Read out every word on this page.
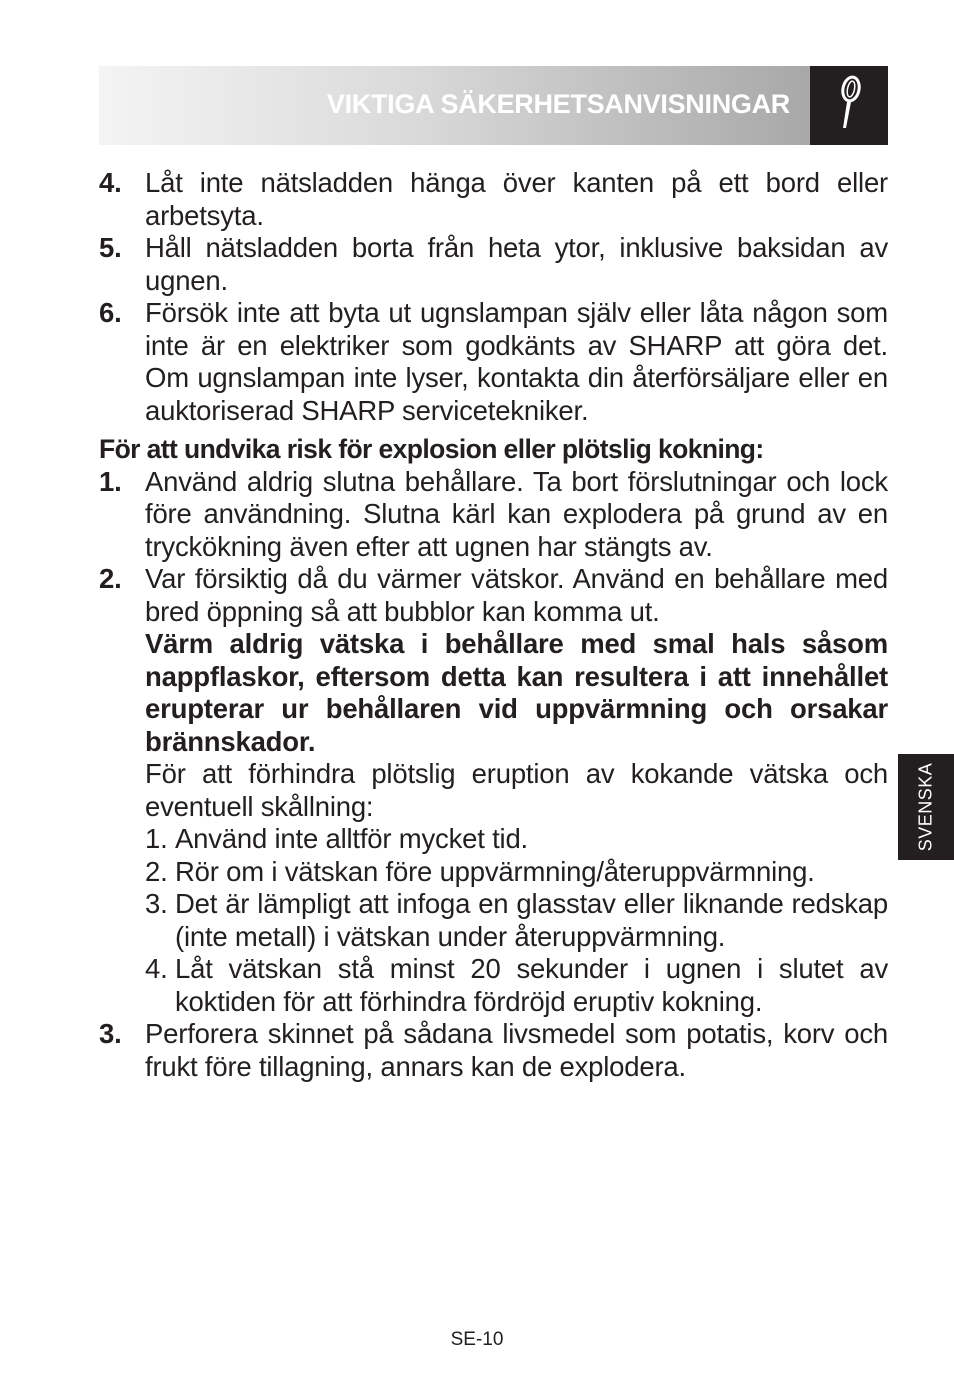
VIKTIGA SÄKERHETSANVISNINGAR
SVENSKA
4. Låt inte nätsladden hänga över kanten på ett bord eller arbetsyta.
5. Håll nätsladden borta från heta ytor, inklusive baksidan av ugnen.
6. Försök inte att byta ut ugnslampan själv eller låta någon som inte är en elektriker som godkänts av SHARP att göra det. Om ugnslampan inte lyser, kontakta din återförsäljare eller en auktoriserad SHARP servicetekniker.
För att undvika risk för explosion eller plötslig kokning:
1. Använd aldrig slutna behållare. Ta bort förslutningar och lock före användning. Slutna kärl kan explodera på grund av en tryckökning även efter att ugnen har stängts av.
2. Var försiktig då du värmer vätskor. Använd en behållare med bred öppning så att bubblor kan komma ut.
Värm aldrig vätska i behållare med smal hals såsom nappflaskor, eftersom detta kan resultera i att innehållet erupterar ur behållaren vid uppvärmning och orsakar brännskador.
För att förhindra plötslig eruption av kokande vätska och eventuell skållning:
1. Använd inte alltför mycket tid.
2. Rör om i vätskan före uppvärmning/återuppvärmning.
3. Det är lämpligt att infoga en glasstav eller liknande redskap (inte metall) i vätskan under återuppvärmning.
4. Låt vätskan stå minst 20 sekunder i ugnen i slutet av koktiden för att förhindra fördröjd eruptiv kokning.
3. Perforera skinnet på sådana livsmedel som potatis, korv och frukt före tillagning, annars kan de explodera.
SE-10
